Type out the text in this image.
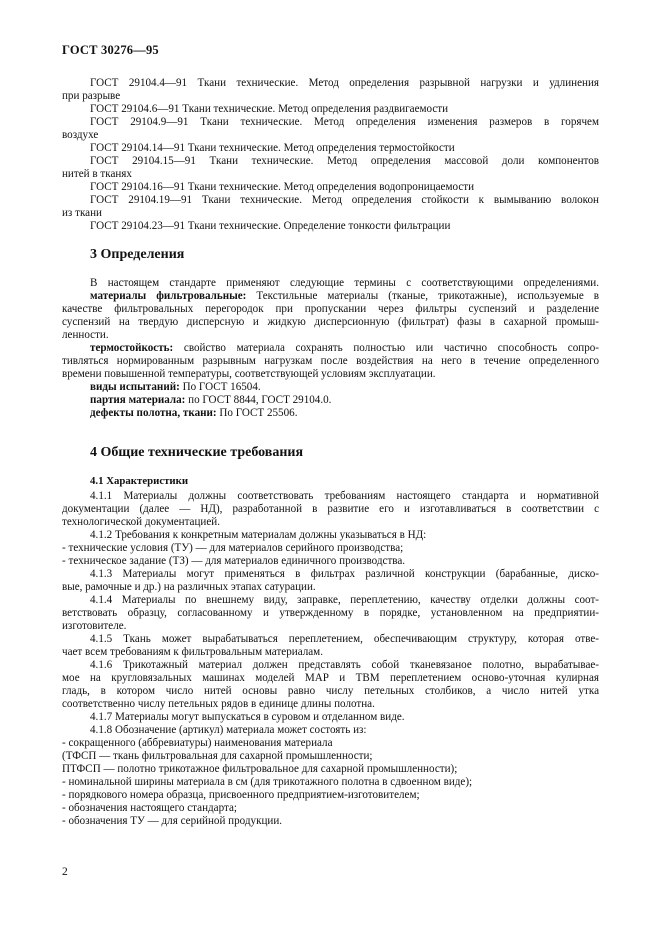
ГОСТ 30276—95
ГОСТ 29104.4—91 Ткани технические. Метод определения разрывной нагрузки и удлинения
при разрыве
ГОСТ 29104.6—91 Ткани технические. Метод определения раздвигаемости
ГОСТ 29104.9—91 Ткани технические. Метод определения изменения размеров в горячем
воздухе
ГОСТ 29104.14—91 Ткани технические. Метод определения термостойкости
ГОСТ 29104.15—91 Ткани технические. Метод определения массовой доли компонентов
нитей в тканях
ГОСТ 29104.16—91 Ткани технические. Метод определения водопроницаемости
ГОСТ 29104.19—91 Ткани технические. Метод определения стойкости к вымыванию волокон
из ткани
ГОСТ 29104.23—91 Ткани технические. Определение тонкости фильтрации
3 Определения
В настоящем стандарте применяют следующие термины с соответствующими определениями.
материалы фильтровальные: Текстильные материалы (тканые, трикотажные), используемые в
качестве фильтровальных перегородок при пропускании через фильтры суспензий и разделение
суспензий на твердую дисперсную и жидкую дисперсионную (фильтрат) фазы в сахарной промыш-
ленности.
термостойкость: свойство материала сохранять полностью или частично способность сопро-
тивляться нормированным разрывным нагрузкам после воздействия на него в течение определенного
времени повышенной температуры, соответствующей условиям эксплуатации.
виды испытаний: По ГОСТ 16504.
партия материала: по ГОСТ 8844, ГОСТ 29104.0.
дефекты полотна, ткани: По ГОСТ 25506.
4 Общие технические требования
4.1 Характеристики
4.1.1 Материалы должны соответствовать требованиям настоящего стандарта и нормативной
документации (далее — НД), разработанной в развитие его и изготавливаться в соответствии с
технологической документацией.
4.1.2 Требования к конкретным материалам должны указываться в НД:
- технические условия (ТУ) — для материалов серийного производства;
- техническое задание (ТЗ) — для материалов единичного производства.
4.1.3 Материалы могут применяться в фильтрах различной конструкции (барабанные, диско-
вые, рамочные и др.) на различных этапах сатурации.
4.1.4 Материалы по внешнему виду, заправке, переплетению, качеству отделки должны соот-
ветствовать образцу, согласованному и утвержденному в порядке, установленном на предприятии-
изготовителе.
4.1.5 Ткань может вырабатываться переплетением, обеспечивающим структуру, которая отве-
чает всем требованиям к фильтровальным материалам.
4.1.6 Трикотажный материал должен представлять собой тканевязаное полотно, вырабатывае-
мое на кругловязальных машинах моделей МАР и ТВМ переплетением осново-уточная кулирная
гладь, в котором число нитей основы равно числу петельных столбиков, а число нитей утка
соответственно числу петельных рядов в единице длины полотна.
4.1.7 Материалы могут выпускаться в суровом и отделанном виде.
4.1.8 Обозначение (артикул) материала может состоять из:
- сокращенного (аббревиатуры) наименования материала
(ТФСП — ткань фильтровальная для сахарной промышленности;
ПТФСП — полотно трикотажное фильтровальное для сахарной промышленности);
- номинальной ширины материала в см (для трикотажного полотна в сдвоенном виде);
- порядкового номера образца, присвоенного предприятием-изготовителем;
- обозначения настоящего стандарта;
- обозначения ТУ — для серийной продукции.
2
